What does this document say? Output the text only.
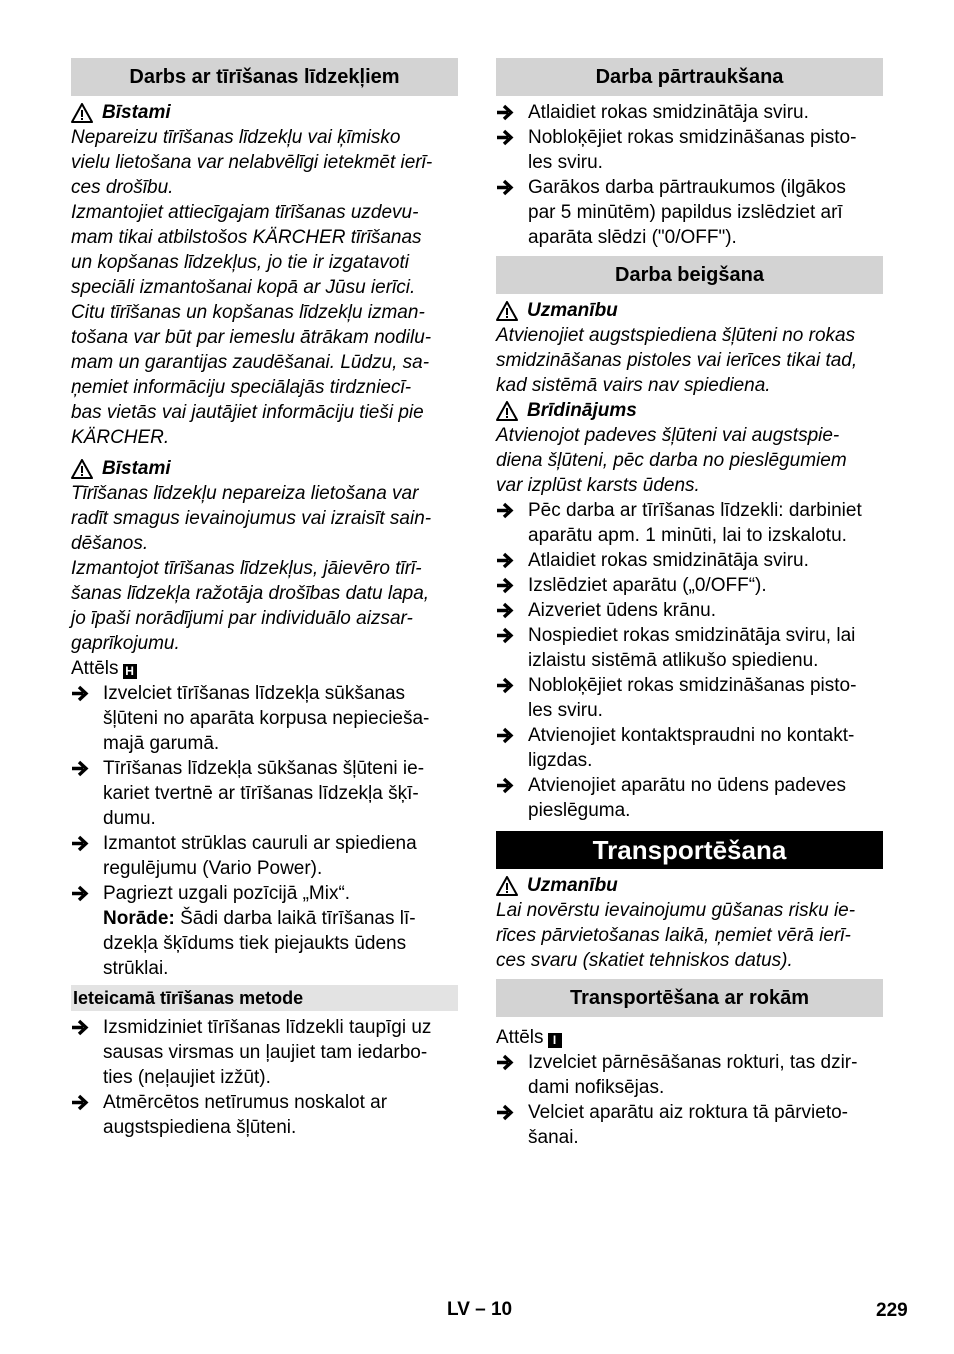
Darbs ar tīrīšanas līdzekļiem
Bīstami
Nepareizu tīrīšanas līdzekļu vai ķīmisko
vielu lietošana var nelabvēlīgi ietekmēt ierī-
ces drošību.
Izmantojiet attiecīgajam tīrīšanas uzdevu-
mam tikai atbilstošos KÄRCHER tīrīšanas
un kopšanas līdzekļus, jo tie ir izgatavoti
speciāli izmantošanai kopā ar Jūsu ierīci.
Citu tīrīšanas un kopšanas līdzekļu izman-
tošana var būt par iemeslu ātrākam nodilu-
mam un garantijas zaudēšanai. Lūdzu, sa-
ņemiet informāciju speciālajās tirdzniecī-
bas vietās vai jautājiet informāciju tieši pie
KÄRCHER.
Bīstami
Tīrīšanas līdzekļu nepareiza lietošana var
radīt smagus ievainojumus vai izraisīt sain-
dēšanos.
Izmantojot tīrīšanas līdzekļus, jāievēro tīrī-
šanas līdzekļa ražotāja drošības datu lapa,
jo īpaši norādījumi par individuālo aizsar-
gaprīkojumu.
Attēls H
Izvelciet tīrīšanas līdzekļa sūkšanas
šļūteni no aparāta korpusa nepieciešа-
majā garumā.
Tīrīšanas līdzekļa sūkšanas šļūteni ie-
kariet tvertnē ar tīrīšanas līdzekļa šķī-
dumu.
Izmantot strūklas cauruli ar spiediena
regulējumu (Vario Power).
Pagriezt uzgali pozīcijā „Mix“.
Norāde: Šādi darba laikā tīrīšanas lī-
dzekļa šķīdums tiek piejaukts ūdens
strūklai.
Ieteicamā tīrīšanas metode
Izsmidziniet tīrīšanas līdzekli taupīgi uz
sausas virsmas un ļaujiet tam iedarbo-
ties (neļaujiet izžūt).
Atmērcētos netīrumus noskalot ar
augstspiediena šļūteni.
Darba pārtraukšana
Atlaidiet rokas smidzinātāja sviru.
Nobloķējiet rokas smidzināšanas pisto-
les sviru.
Garākos darba pārtraukumos (ilgākos
par 5 minūtēm) papildus izslēdziet arī
aparāta slēdzi ("0/OFF").
Darba beigšana
Uzmanību
Atvienojiet augstspiediena šļūteni no rokas
smidzināšanas pistoles vai ierīces tikai tad,
kad sistēmā vairs nav spiediena.
Brīdinājums
Atvienojot padeves šļūteni vai augstspie-
diena šļūteni, pēc darba no pieslēgumiem
var izplūst karsts ūdens.
Pēc darba ar tīrīšanas līdzekli: darbiniet
aparātu apm. 1 minūti, lai to izskalotu.
Atlaidiet rokas smidzinātāja sviru.
Izslēdziet aparātu („0/OFF“).
Aizveriet ūdens krānu.
Nospiediet rokas smidzinātāja sviru, lai
izlaistu sistēmā atlikušo spiedienu.
Nobloķējiet rokas smidzināšanas pisto-
les sviru.
Atvienojiet kontaktspraudni no kontakt-
ligzdas.
Atvienojiet aparātu no ūdens padeves
pieslēguma.
Transportēšana
Uzmanību
Lai novērstu ievainojumu gūšanas risku ie-
rīces pārvietošanas laikā, ņemiet vērā ierī-
ces svaru (skatiet tehniskos datus).
Transportēšana ar rokām
Attēls I
Izvelciet pārnēsāšanas rokturi, tas dzir-
dami nofiksējas.
Velciet aparātu aiz roktura tā pārvieto-
šanai.
LV – 10	229
